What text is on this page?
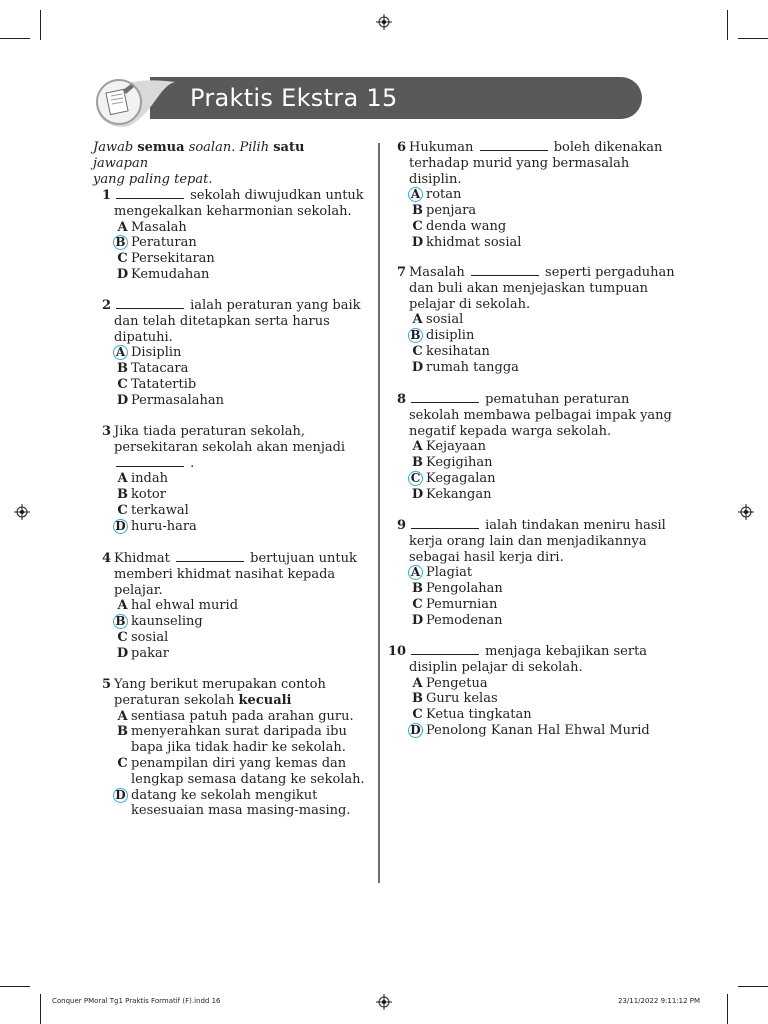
Praktis Ekstra 15
Jawab semua soalan. Pilih satu jawapan
yang paling tepat.
1	sekolah diwujudkan untuk
mengekalkan keharmonian sekolah.
A Masalah
B Peraturan
C Persekitaran
D Kemudahan
2	ialah peraturan yang baik
dan telah ditetapkan serta harus
dipatuhi.
A Disiplin
B Tatacara
C Tatatertib
D Permasalahan
3 Jika tiada peraturan sekolah,
persekitaran sekolah akan menjadi
.
A indah
B kotor
C terkawal
D huru-hara
4 Khidmat	bertujuan untuk
memberi khidmat nasihat kepada
pelajar.
A hal ehwal murid
B kaunseling
C sosial
D pakar
5 Yang berikut merupakan contoh
peraturan sekolah kecuali
A sentiasa patuh pada arahan guru.
B menyerahkan surat daripada ibu
bapa jika tidak hadir ke sekolah.
C penampilan diri yang kemas dan
lengkap semasa datang ke sekolah.
D datang ke sekolah mengikut
kesesuaian masa masing-masing.
6 Hukuman	boleh dikenakan
terhadap murid yang bermasalah
disiplin.
A rotan
B penjara
C denda wang
D khidmat sosial
7 Masalah	seperti pergaduhan
dan buli akan menjejaskan tumpuan
pelajar di sekolah.
A sosial
B disiplin
C kesihatan
D rumah tangga
8	pematuhan peraturan
sekolah membawa pelbagai impak yang
negatif kepada warga sekolah.
A Kejayaan
B Kegigihan
C Kegagalan
D Kekangan
9	ialah tindakan meniru hasil
kerja orang lain dan menjadikannya
sebagai hasil kerja diri.
A Plagiat
B Pengolahan
C Pemurnian
D Pemodenan
10	menjaga kebajikan serta
disiplin pelajar di sekolah.
A Pengetua
B Guru kelas
C Ketua tingkatan
D Penolong Kanan Hal Ehwal Murid
Conquer PMoral Tg1 Praktis Formatif (F).indd 16	23/11/2022 9:11:12 PM
